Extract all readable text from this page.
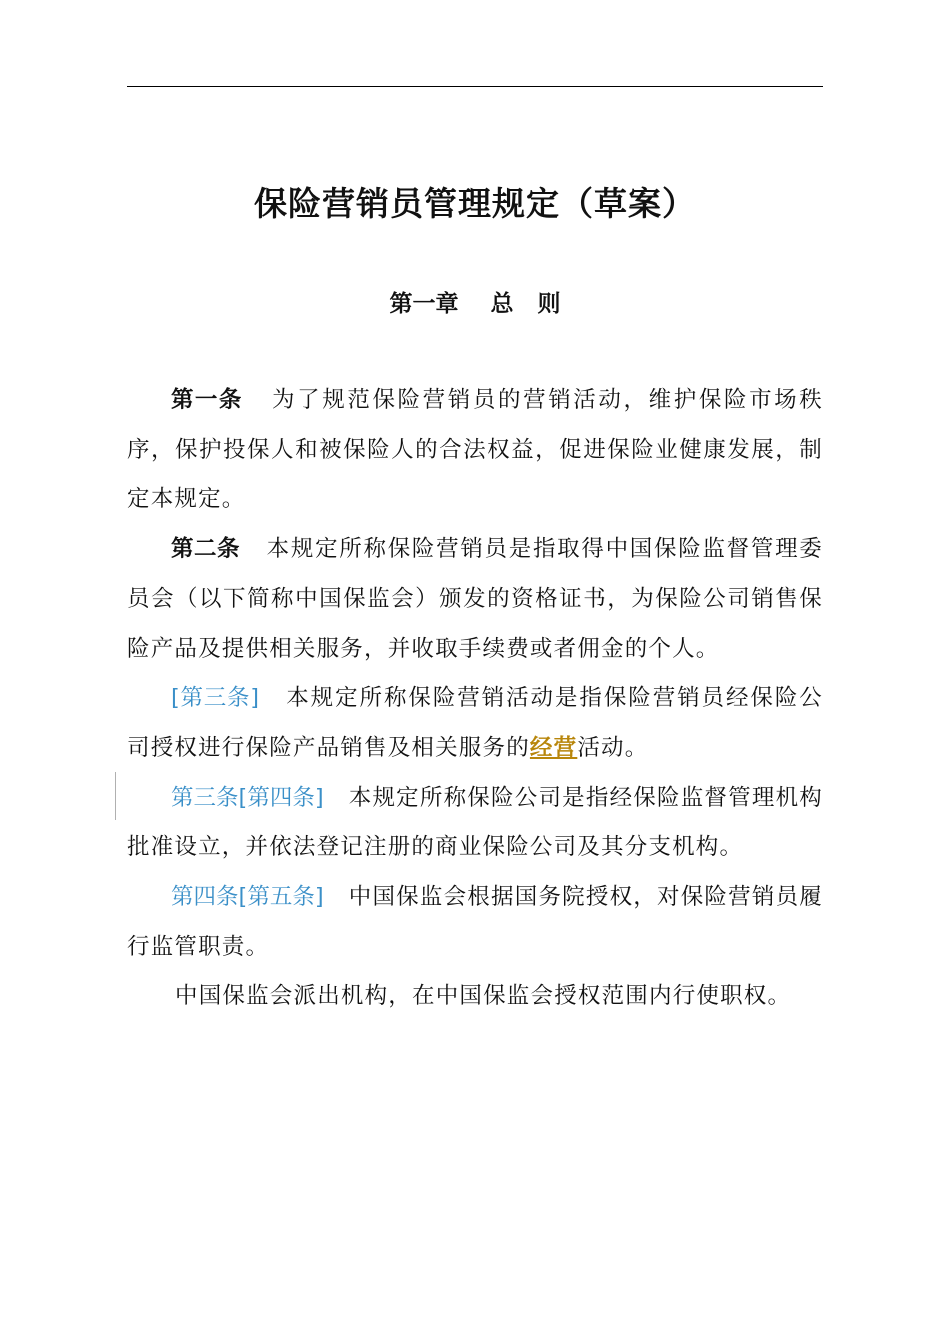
保险营销员管理规定（草案）
第一章    总   则

第一条 为了规范保险营销员的营销活动，维护保险市场秩序，保护投保人和被保险人的合法权益，促进保险业健康发展，制定本规定。

第二条 本规定所称保险营销员是指取得中国保险监督管理委员会（以下简称中国保监会）颁发的资格证书，为保险公司销售保险产品及提供相关服务，并收取手续费或者佣金的个人。

[第三条] 本规定所称保险营销活动是指保险营销员经保险公司授权进行保险产品销售及相关服务的经营活动。

第三条[第四条] 本规定所称保险公司是指经保险监督管理机构批准设立，并依法登记注册的商业保险公司及其分支机构。

第四条[第五条] 中国保监会根据国务院授权，对保险营销员履行监管职责。

中国保监会派出机构，在中国保监会授权范围内行使职权。
